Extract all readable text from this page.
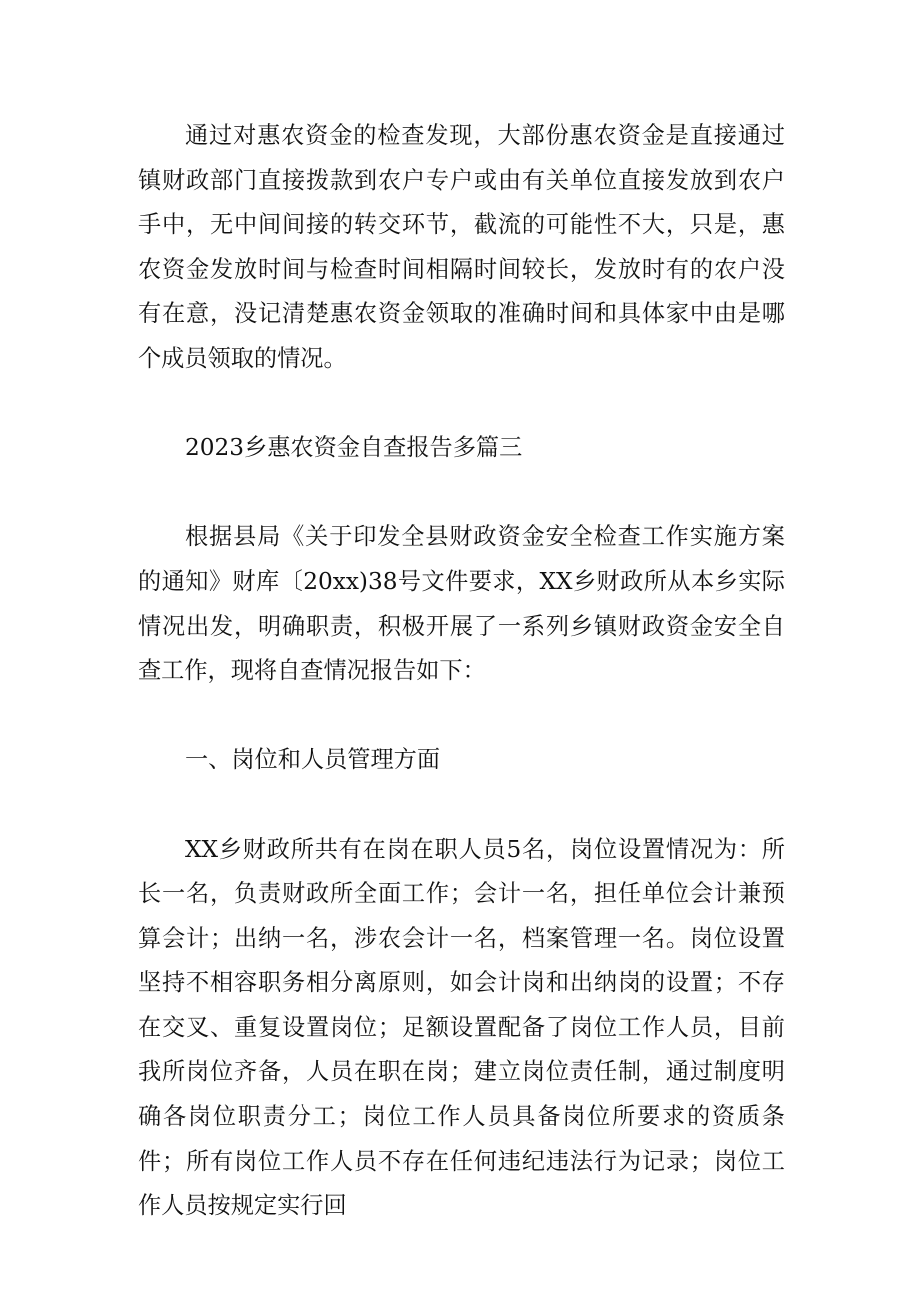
通过对惠农资金的检查发现，大部份惠农资金是直接通过镇财政部门直接拨款到农户专户或由有关单位直接发放到农户手中，无中间间接的转交环节，截流的可能性不大，只是，惠农资金发放时间与检查时间相隔时间较长，发放时有的农户没有在意，没记清楚惠农资金领取的准确时间和具体家中由是哪个成员领取的情况。

2023乡惠农资金自查报告多篇三

根据县局《关于印发全县财政资金安全检查工作实施方案的通知》财库〔20xx)38号文件要求，XX乡财政所从本乡实际情况出发，明确职责，积极开展了一系列乡镇财政资金安全自查工作，现将自查情况报告如下：

一、岗位和人员管理方面

XX乡财政所共有在岗在职人员5名，岗位设置情况为：所长一名，负责财政所全面工作；会计一名，担任单位会计兼预算会计；出纳一名，涉农会计一名，档案管理一名。岗位设置坚持不相容职务相分离原则，如会计岗和出纳岗的设置；不存在交叉、重复设置岗位；足额设置配备了岗位工作人员，目前我所岗位齐备，人员在职在岗；建立岗位责任制，通过制度明确各岗位职责分工；岗位工作人员具备岗位所要求的资质条件；所有岗位工作人员不存在任何违纪违法行为记录；岗位工作人员按规定实行回
